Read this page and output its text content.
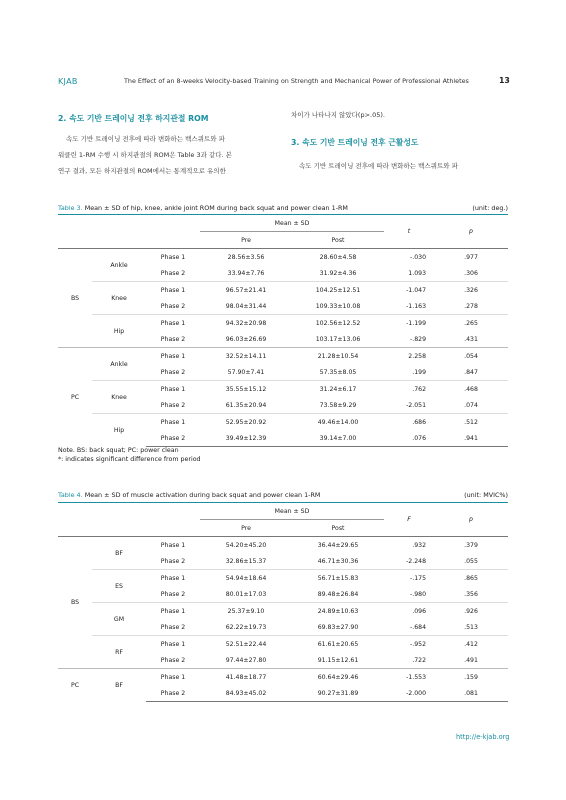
KJAB	The Effect of an 8-weeks Velocity-based Training on Strength and Mechanical Power of Professional Athletes	13
2. 속도 기반 트레이닝 전후 하지관절 ROM
속도 기반 트레이닝 전후에 따라 변화하는 백스쿼트와 파
워클린 1-RM 수행 시 하지관절의 ROM은 Table 3과 같다. 본
연구 결과, 모든 하지관절의 ROM에서는 통계적으로 유의한
차이가 나타나지 않았다(p>.05).
3. 속도 기반 트레이닝 전후 근활성도
속도 기반 트레이닝 전후에 따라 변화하는 백스쿼트와 파
Table 3. Mean ± SD of hip, knee, ankle joint ROM during back squat and power clean 1-RM	(unit: deg.)
			Mean ± SD		t	p
			Pre	Post		
BS	Ankle	Phase 1	28.56±3.56	28.60±4.58	-.030	.977
		Phase 2	33.94±7.76	31.92±4.36	1.093	.306
	Knee	Phase 1	96.57±21.41	104.25±12.51	-1.047	.326
		Phase 2	98.04±31.44	109.33±10.08	-1.163	.278
	Hip	Phase 1	94.32±20.98	102.56±12.52	-1.199	.265
		Phase 2	96.03±26.69	103.17±13.06	-.829	.431
PC	Ankle	Phase 1	32.52±14.11	21.28±10.54	2.258	.054
		Phase 2	57.90±7.41	57.35±8.05	.199	.847
	Knee	Phase 1	35.55±15.12	31.24±6.17	.762	.468
		Phase 2	61.35±20.94	73.58±9.29	-2.051	.074
	Hip	Phase 1	52.95±20.92	49.46±14.00	.686	.512
		Phase 2	39.49±12.39	39.14±7.00	.076	.941
Note. BS: back squat; PC: power clean
*: indicates significant difference from period
Table 4. Mean ± SD of muscle activation during back squat and power clean 1-RM	(unit: MVIC%)
			Mean ± SD		F	p
			Pre	Post		
BS	BF	Phase 1	54.20±45.20	36.44±29.65	.932	.379
		Phase 2	32.86±15.37	46.71±30.36	-2.248	.055
	ES	Phase 1	54.94±18.64	56.71±15.83	-.175	.865
		Phase 2	80.01±17.03	89.48±26.84	-.980	.356
	GM	Phase 1	25.37±9.10	24.89±10.63	.096	.926
		Phase 2	62.22±19.73	69.83±27.90	-.684	.513
	RF	Phase 1	52.51±22.44	61.61±20.65	-.952	.412
		Phase 2	97.44±27.80	91.15±12.61	.722	.491
PC	BF	Phase 1	41.48±18.77	60.64±29.46	-1.553	.159
		Phase 2	84.93±45.02	90.27±31.89	-2.000	.081
http://e-kjab.org
